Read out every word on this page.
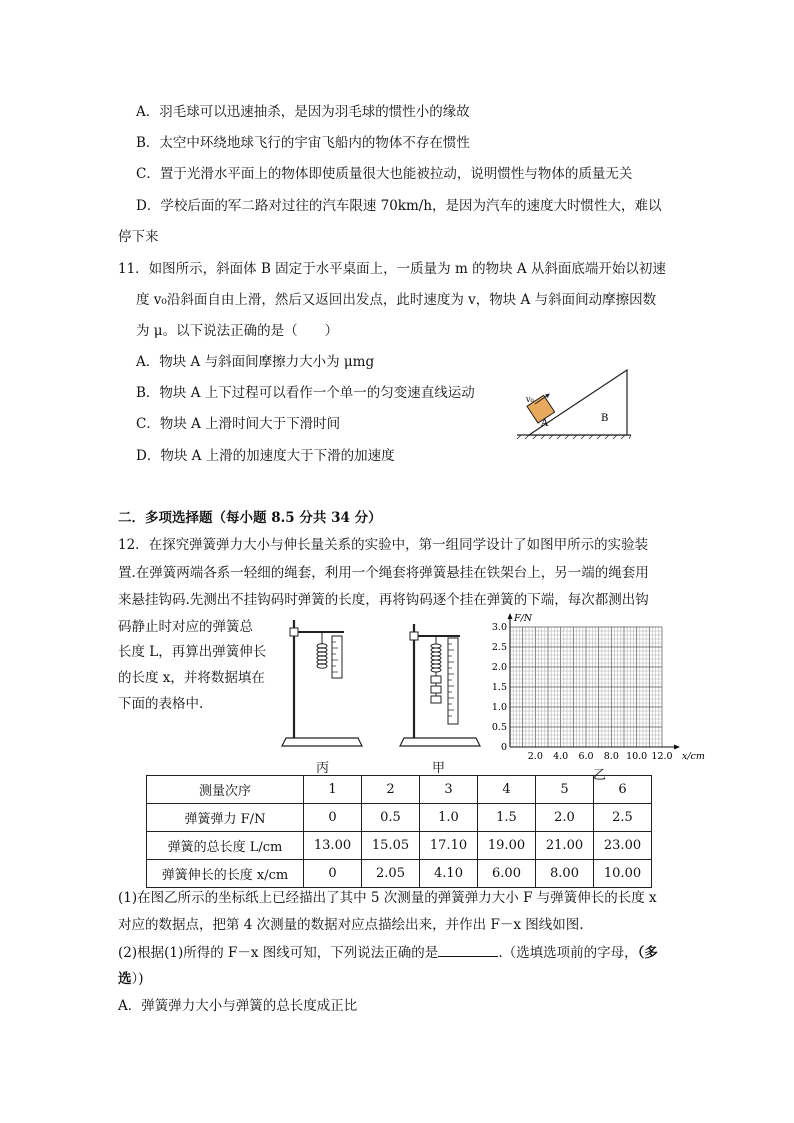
A．羽毛球可以迅速抽杀，是因为羽毛球的惯性小的缘故
B．太空中环绕地球飞行的宇宙飞船内的物体不存在惯性
C．置于光滑水平面上的物体即使质量很大也能被拉动，说明惯性与物体的质量无关
D．学校后面的军二路对过往的汽车限速 70km/h，是因为汽车的速度大时惯性大，难以
停下来
11．如图所示，斜面体 B 固定于水平桌面上，一质量为 m 的物块 A 从斜面底端开始以初速
度 v₀沿斜面自由上滑，然后又返回出发点，此时速度为 v，物块 A 与斜面间动摩擦因数
为 μ。以下说法正确的是（　　）
A．物块 A 与斜面间摩擦力大小为 μmg
B．物块 A 上下过程可以看作一个单一的匀变速直线运动
C．物块 A 上滑时间大于下滑时间
D．物块 A 上滑的加速度大于下滑的加速度
A
v₀
B
二．多项选择题（每小题 8.5 分共 34 分）
12．在探究弹簧弹力大小与伸长量关系的实验中，第一组同学设计了如图甲所示的实验装
置.在弹簧两端各系一轻细的绳套，利用一个绳套将弹簧悬挂在铁架台上，另一端的绳套用
来悬挂钩码.先测出不挂钩码时弹簧的长度，再将钩码逐个挂在弹簧的下端，每次都测出钩
码静止时对应的弹簧总
长度 L，再算出弹簧伸长
的长度 x，并将数据填在
下面的表格中.
丙	甲
0
0.5
1.0
1.5
2.0
2.5
3.0
2.0 4.0 6.0 8.0 10.0 12.0 x/cm
F/N
乙
测量次序	1	2	3	4	5	6
弹簧弹力 F/N	0	0.5	1.0	1.5	2.0	2.5
弹簧的总长度 L/cm	13.00	15.05	17.10	19.00	21.00	23.00
弹簧伸长的长度 x/cm	0	2.05	4.10	6.00	8.00	10.00
(1)在图乙所示的坐标纸上已经描出了其中 5 次测量的弹簧弹力大小 F 与弹簧伸长的长度 x
对应的数据点，把第 4 次测量的数据对应点描绘出来，并作出 F－x 图线如图.
(2)根据(1)所得的 F－x 图线可知，下列说法正确的是	.（选填选项前的字母，（多
选）)
A．弹簧弹力大小与弹簧的总长度成正比
